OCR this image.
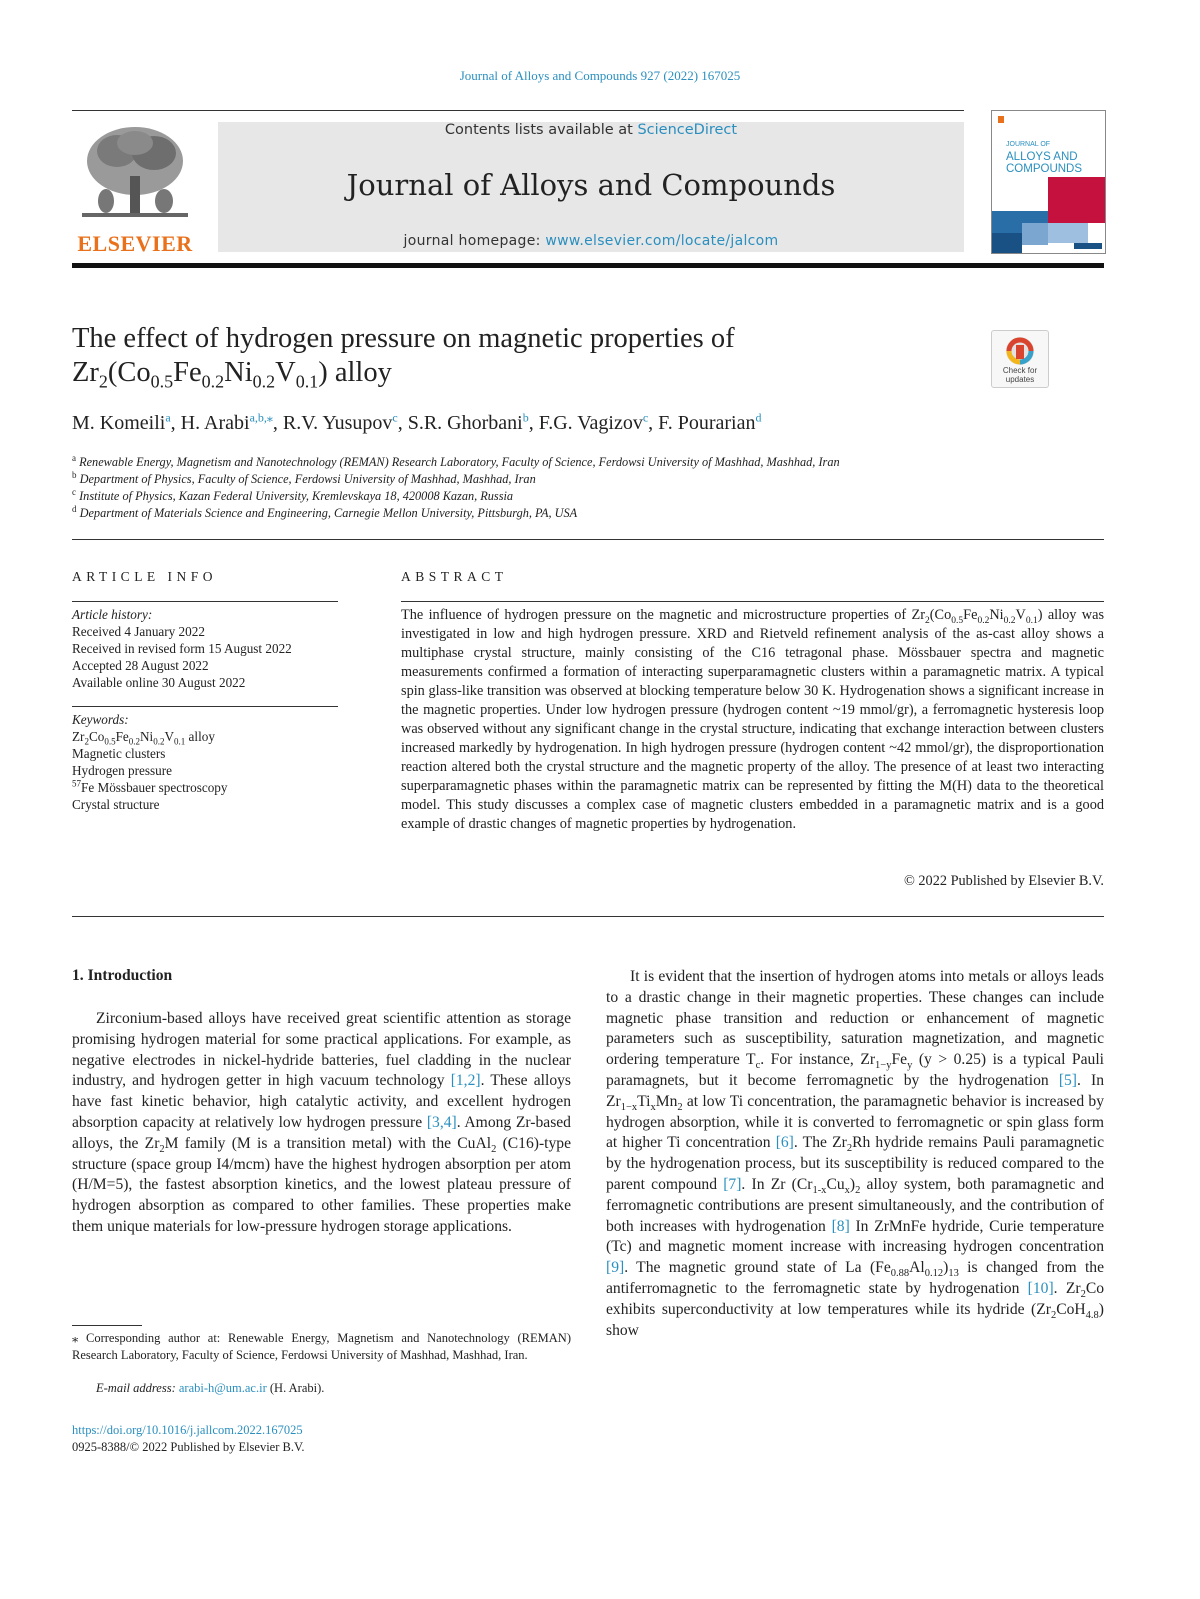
Journal of Alloys and Compounds 927 (2022) 167025
ELSEVIER
Contents lists available at ScienceDirect
Journal of Alloys and Compounds
journal homepage: www.elsevier.com/locate/jalcom
JOURNAL OF
ALLOYS AND
COMPOUNDS
The effect of hydrogen pressure on magnetic properties of
$Zr_2(Co_{0.5}Fe_{0.2}Ni_{0.2}V_{0.1})$ alloy	Check for
updates
M. Komeili$^a$, H. Arabi$^{a,b,⁎}$, R.V. Yusupov$^c$, S.R. Ghorbani$^b$, F.G. Vagizov$^c$, F. Pourarian$^d$
$^a$ Renewable Energy, Magnetism and Nanotechnology (REMAN) Research Laboratory, Faculty of Science, Ferdowsi University of Mashhad, Mashhad, Iran
$^b$ Department of Physics, Faculty of Science, Ferdowsi University of Mashhad, Mashhad, Iran
$^c$ Institute of Physics, Kazan Federal University, Kremlevskaya 18, 420008 Kazan, Russia
$^d$ Department of Materials Science and Engineering, Carnegie Mellon University, Pittsburgh, PA, USA
ARTICLE INFO	ABSTRACT
Article history:
Received 4 January 2022
Received in revised form 15 August 2022
Accepted 28 August 2022
Available online 30 August 2022
Keywords:
$Zr_2Co_{0.5}Fe_{0.2}Ni_{0.2}V_{0.1}$ alloy
Magnetic clusters
Hydrogen pressure
$^{57}$Fe Mössbauer spectroscopy
Crystal structure
The influence of hydrogen pressure on the magnetic and microstructure properties of $Zr_2(Co_{0.5}Fe_{0.2}Ni_{0.2}V_{0.1})$ alloy was investigated in low and high hydrogen pressure. XRD and Rietveld refinement analysis of the as-cast alloy shows a multiphase crystal structure, mainly consisting of the C16 tetragonal phase. Mössbauer spectra and magnetic measurements confirmed a formation of interacting superparamagnetic clusters within a paramagnetic matrix. A typical spin glass-like transition was observed at blocking temperature below 30 K. Hydrogenation shows a significant increase in the magnetic properties. Under low hydrogen pressure (hydrogen content ~19 mmol/gr), a ferromagnetic hysteresis loop was observed without any significant change in the crystal structure, indicating that exchange interaction between clusters increased markedly by hydrogenation. In high hydrogen pressure (hydrogen content ~42 mmol/gr), the disproportionation reaction altered both the crystal structure and the magnetic property of the alloy. The presence of at least two interacting superparamagnetic phases within the paramagnetic matrix can be represented by fitting the M(H) data to the theoretical model. This study discusses a complex case of magnetic clusters embedded in a paramagnetic matrix and is a good example of drastic changes of magnetic properties by hydrogenation.
© 2022 Published by Elsevier B.V.
1. Introduction
Zirconium-based alloys have received great scientific attention as storage promising hydrogen material for some practical applications. For example, as negative electrodes in nickel-hydride batteries, fuel cladding in the nuclear industry, and hydrogen getter in high vacuum technology [1,2]. These alloys have fast kinetic behavior, high catalytic activity, and excellent hydrogen absorption capacity at relatively low hydrogen pressure [3,4]. Among Zr-based alloys, the $Zr_2M$ family (M is a transition metal) with the CuAl$_2$ (C16)-type structure (space group I4/mcm) have the highest hydrogen absorption per atom (H/M=5), the fastest absorption kinetics, and the lowest plateau pressure of hydrogen absorption as compared to other families. These properties make them unique materials for low-pressure hydrogen storage applications.
It is evident that the insertion of hydrogen atoms into metals or alloys leads to a drastic change in their magnetic properties. These changes can include magnetic phase transition and reduction or enhancement of magnetic parameters such as susceptibility, saturation magnetization, and magnetic ordering temperature $T_c$. For instance, $Zr_{1-y}Fe_y$ (y > 0.25) is a typical Pauli paramagnets, but it become ferromagnetic by the hydrogenation [5]. In $Zr_{1-x}Ti_xMn_2$ at low Ti concentration, the paramagnetic behavior is increased by hydrogen absorption, while it is converted to ferromagnetic or spin glass form at higher Ti concentration [6]. The $Zr_2Rh$ hydride remains Pauli paramagnetic by the hydrogenation process, but its susceptibility is reduced compared to the parent compound [7]. In Zr $(Cr_{1-x}Cu_x)_2$ alloy system, both paramagnetic and ferromagnetic contributions are present simultaneously, and the contribution of both increases with hydrogenation [8] In ZrMnFe hydride, Curie temperature (Tc) and magnetic moment increase with increasing hydrogen concentration [9]. The magnetic ground state of La $(Fe_{0.88}Al_{0.12})_{13}$ is changed from the antiferromagnetic to the ferromagnetic state by hydrogenation [10]. $Zr_2Co$ exhibits superconductivity at low temperatures while its hydride $(Zr_2CoH_{4.8})$ show
⁎ Corresponding author at: Renewable Energy, Magnetism and Nanotechnology (REMAN) Research Laboratory, Faculty of Science, Ferdowsi University of Mashhad, Mashhad, Iran.
E-mail address: arabi-h@um.ac.ir (H. Arabi).
https://doi.org/10.1016/j.jallcom.2022.167025
0925-8388/© 2022 Published by Elsevier B.V.
